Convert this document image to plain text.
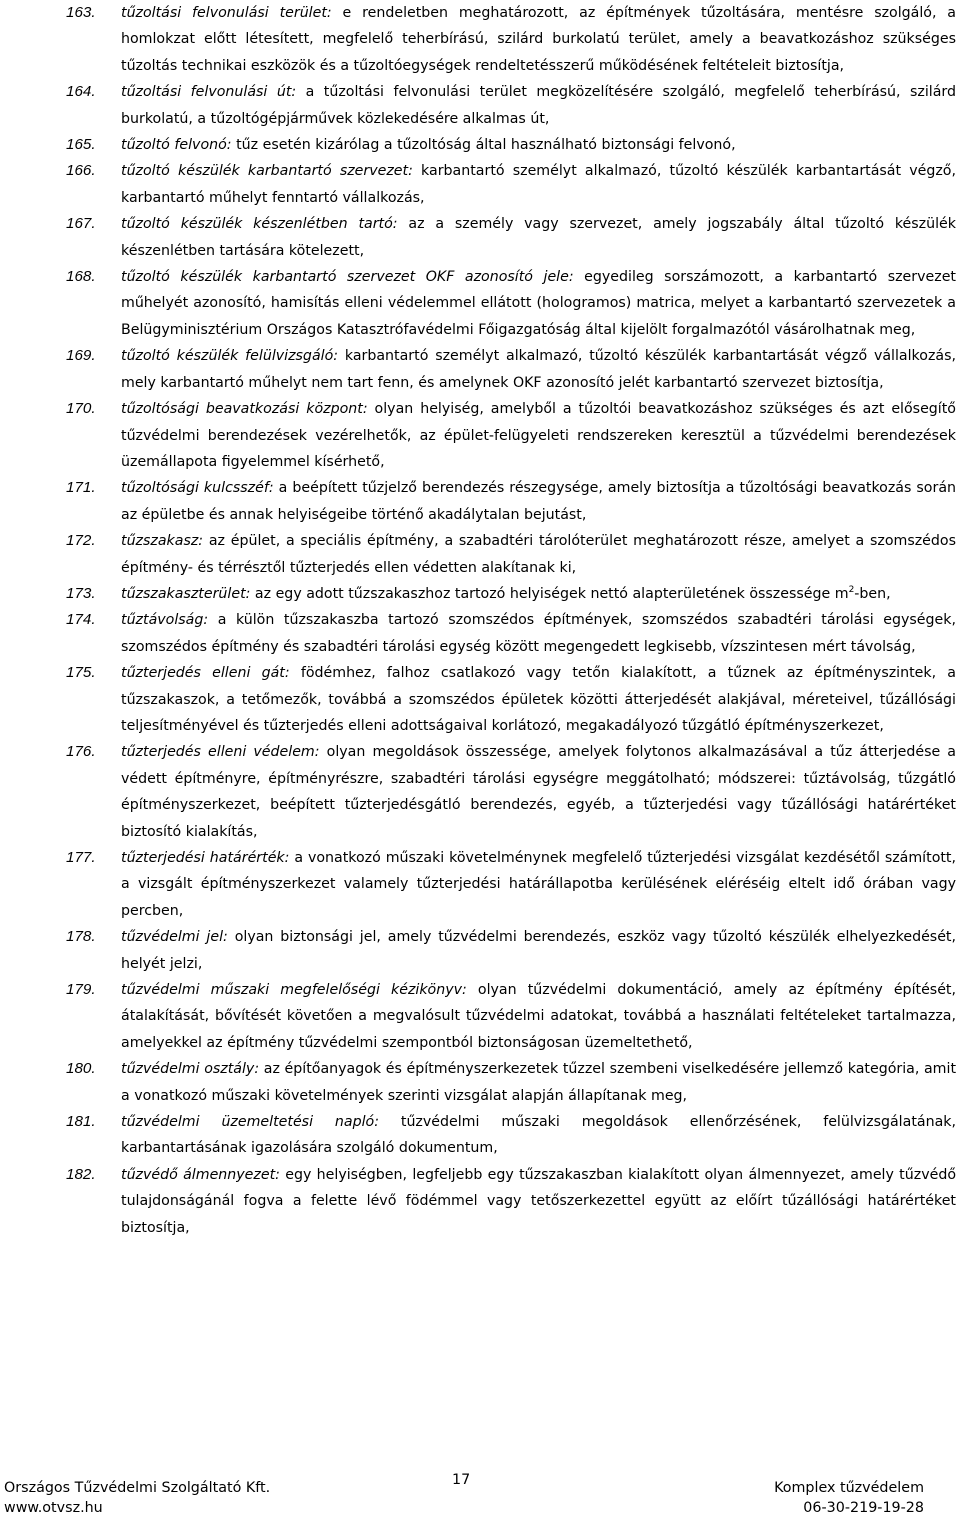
163. tűzoltási felvonulási terület: e rendeletben meghatározott, az építmények tűzoltására, mentésre szolgáló, a homlokzat előtt létesített, megfelelő teherbírású, szilárd burkolatú terület, amely a beavatkozáshoz szükséges tűzoltás technikai eszközök és a tűzoltóegységek rendeltetésszerű működésének feltételeit biztosítja,
164. tűzoltási felvonulási út: a tűzoltási felvonulási terület megközelítésére szolgáló, megfelelő teherbírású, szilárd burkolatú, a tűzoltógépjárművek közlekedésére alkalmas út,
165. tűzoltó felvonó: tűz esetén kizárólag a tűzoltóság által használható biztonsági felvonó,
166. tűzoltó készülék karbantartó szervezet: karbantartó személyt alkalmazó, tűzoltó készülék karbantartását végző, karbantartó műhelyt fenntartó vállalkozás,
167. tűzoltó készülék készenlétben tartó: az a személy vagy szervezet, amely jogszabály által tűzoltó készülék készenlétben tartására kötelezett,
168. tűzoltó készülék karbantartó szervezet OKF azonosító jele: egyedileg sorszámozott, a karbantartó szervezet műhelyét azonosító, hamisítás elleni védelemmel ellátott (hologramos) matrica, melyet a karbantartó szervezetek a Belügyminisztérium Országos Katasztrófavédelmi Főigazgatóság által kijelölt forgalmazótól vásárolhatnak meg,
169. tűzoltó készülék felülvizsgáló: karbantartó személyt alkalmazó, tűzoltó készülék karbantartását végző vállalkozás, mely karbantartó műhelyt nem tart fenn, és amelynek OKF azonosító jelét karbantartó szervezet biztosítja,
170. tűzoltósági beavatkozási központ: olyan helyiség, amelyből a tűzoltói beavatkozáshoz szükséges és azt elősegítő tűzvédelmi berendezések vezérelhetők, az épület-felügyeleti rendszereken keresztül a tűzvédelmi berendezések üzemállapota figyelemmel kísérhető,
171. tűzoltósági kulcsszéf: a beépített tűzjelző berendezés részegysége, amely biztosítja a tűzoltósági beavatkozás során az épületbe és annak helyiségeibe történő akadálytalan bejutást,
172. tűzszakasz: az épület, a speciális építmény, a szabadtéri tárolóterület meghatározott része, amelyet a szomszédos építmény- és térrésztől tűzterjedés ellen védetten alakítanak ki,
173. tűzszakaszterület: az egy adott tűzszakaszhoz tartozó helyiségek nettó alapterületének összessége $m^2$-ben,
174. tűztávolság: a külön tűzszakaszba tartozó szomszédos építmények, szomszédos szabadtéri tárolási egységek, szomszédos építmény és szabadtéri tárolási egység között megengedett legkisebb, vízszintesen mért távolság,
175. tűzterjedés elleni gát: födémhez, falhoz csatlakozó vagy tetőn kialakított, a tűznek az építményszintek, a tűzszakaszok, a tetőmezők, továbbá a szomszédos épületek közötti átterjedését alakjával, méreteivel, tűzállósági teljesítményével és tűzterjedés elleni adottságaival korlátozó, megakadályozó tűzgátló építményszerkezet,
176. tűzterjedés elleni védelem: olyan megoldások összessége, amelyek folytonos alkalmazásával a tűz átterjedése a védett építményre, építményrészre, szabadtéri tárolási egységre meggátolható; módszerei: tűztávolság, tűzgátló építményszerkezet, beépített tűzterjedésgátló berendezés, egyéb, a tűzterjedési vagy tűzállósági határértéket biztosító kialakítás,
177. tűzterjedési határérték: a vonatkozó műszaki követelménynek megfelelő tűzterjedési vizsgálat kezdésétől számított, a vizsgált építményszerkezet valamely tűzterjedési határállapotba kerülésének eléréséig eltelt idő órában vagy percben,
178. tűzvédelmi jel: olyan biztonsági jel, amely tűzvédelmi berendezés, eszköz vagy tűzoltó készülék elhelyezkedését, helyét jelzi,
179. tűzvédelmi műszaki megfelelőségi kézikönyv: olyan tűzvédelmi dokumentáció, amely az építmény építését, átalakítását, bővítését követően a megvalósult tűzvédelmi adatokat, továbbá a használati feltételeket tartalmazza, amelyekkel az építmény tűzvédelmi szempontból biztonságosan üzemeltethető,
180. tűzvédelmi osztály: az építőanyagok és építményszerkezetek tűzzel szembeni viselkedésére jellemző kategória, amit a vonatkozó műszaki követelmények szerinti vizsgálat alapján állapítanak meg,
181. tűzvédelmi üzemeltetési napló: tűzvédelmi műszaki megoldások ellenőrzésének, felülvizsgálatának, karbantartásának igazolására szolgáló dokumentum,
182. tűzvédő álmennyezet: egy helyiségben, legfeljebb egy tűzszakaszban kialakított olyan álmennyezet, amely tűzvédő tulajdonságánál fogva a felette lévő födémmel vagy tetőszerkezettel együtt az előírt tűzállósági határértéket biztosítja,
Országos Tűzvédelmi Szolgáltató Kft.
www.otvsz.hu
17	Komplex tűzvédelem
06-30-219-19-28
